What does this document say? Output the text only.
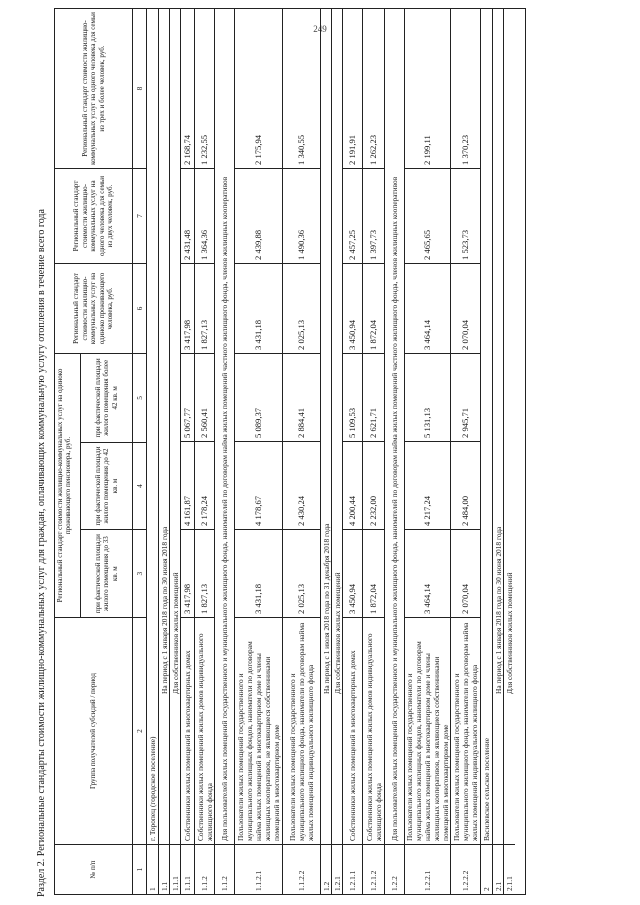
249
Раздел 2. Региональные стандарты стоимости жилищно-коммунальных услуг для граждан, оплачивающих коммунальную услугу отопления в течение всего года	№ п/п
Группа получателей субсидий / период
Региональный стандарт стоимости жилищно-коммунальных услуг на одиноко проживающего пенсионера, руб.
при фактической площади жилого помещения до 33 кв. м
при фактической площади жилого помещения до 42 кв. м
при фактической площади жилого помещения более 42 кв. м
Региональный стандарт стоимости жилищно-коммунальных услуг на одиноко проживающего человека, руб.
Региональный стандарт стоимости жилищно-коммунальных услуг на одного человека для семьи из двух человек, руб.
Региональный стандарт стоимости жилищно-коммунальных услуг на одного человека для семьи из трех и более человек, руб.
1
2
3
4
5
6
7
8
1
г. Торопец (городское поселение)
1.1
На период с 1 января 2018 года по 30 июня 2018 года
1.1.1
Для собственников жилых помещений
1.1.1
Собственники жилых помещений в многоквартирных домах
3 417,98
4 161,87
5 067,77
3 417,98
2 431,48
2 168,74
1.1.2
Собственники жилых помещений жилых домов индивидуального жилищного фонда
1 827,13
2 178,24
2 560,41
1 827,13
1 364,36
1 232,55
1.1.2
Для пользователей жилых помещений государственного и муниципального жилищного фонда, нанимателей по договорам найма жилых помещений частного жилищного фонда, членов жилищных кооперативов
1.1.2.1
Пользователи жилых помещений государственного и муниципального жилищных фондов, наниматели по договорам найма жилых помещений в многоквартирном доме и члены жилищных кооперативов, не являющиеся собственниками помещений в многоквартирном доме
3 431,18
4 178,67
5 089,37
3 431,18
2 439,88
2 175,94
1.1.2.2
Пользователи жилых помещений государственного и муниципального жилищного фонда, наниматели по договорам найма жилых помещений индивидуального жилищного фонда
2 025,13
2 430,24
2 884,41
2 025,13
1 490,36
1 340,55
1.2
На период с 1 июля 2018 года по 31 декабря 2018 года
1.2.1
Для собственников жилых помещений
1.2.1.1
Собственники жилых помещений в многоквартирных домах
3 450,94
4 200,44
5 109,53
3 450,94
2 457,25
2 191,91
1.2.1.2
Собственники жилых помещений жилых домов индивидуального жилищного фонда
1 872,04
2 232,00
2 621,71
1 872,04
1 397,73
1 262,23
1.2.2
Для пользователей жилых помещений государственного и муниципального жилищного фонда, нанимателей по договорам найма жилых помещений частного жилищного фонда, членов жилищных кооперативов
1.2.2.1
Пользователи жилых помещений государственного и муниципального жилищных фондов, наниматели по договорам найма жилых помещений в многоквартирном доме и члены жилищных кооперативов, не являющиеся собственниками помещений в многоквартирном доме
3 464,14
4 217,24
5 131,13
3 464,14
2 465,65
2 199,11
1.2.2.2
Пользователи жилых помещений государственного и муниципального жилищного фонда, наниматели по договорам найма жилых помещений индивидуального жилищного фонда
2 070,04
2 484,00
2 945,71
2 070,04
1 523,73
1 370,23
2
Василевское сельское поселение
2.1
На период с 1 января 2018 года по 30 июня 2018 года
2.1.1
Для собственников жилых помещений
